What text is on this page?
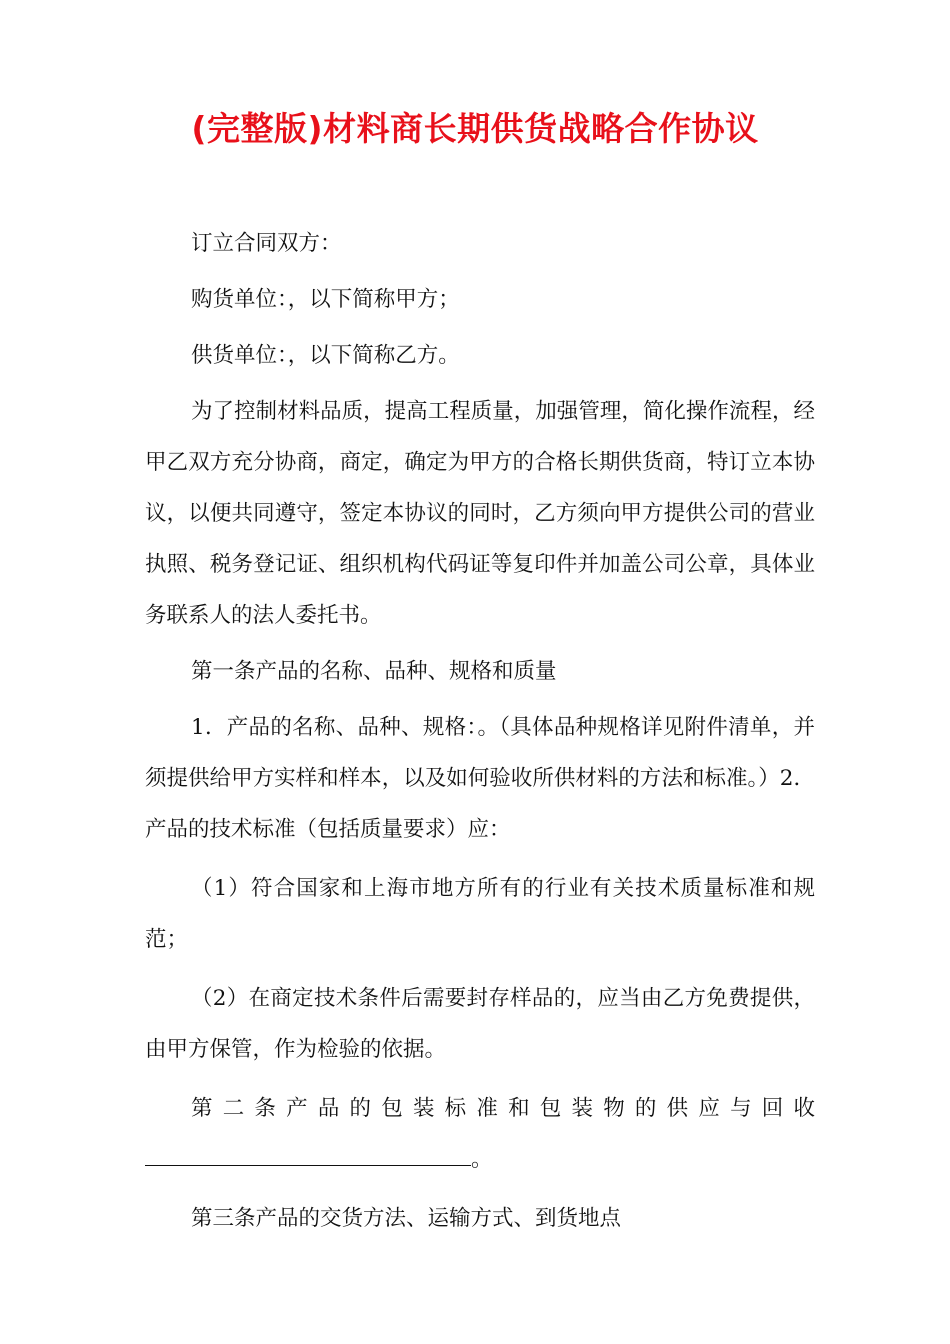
(完整版)材料商长期供货战略合作协议

订立合同双方：

购货单位：，以下简称甲方；

供货单位：，以下简称乙方。

为了控制材料品质，提高工程质量，加强管理，简化操作流程，经甲乙双方充分协商，商定，确定为甲方的合格长期供货商，特订立本协议，以便共同遵守，签定本协议的同时，乙方须向甲方提供公司的营业执照、税务登记证、组织机构代码证等复印件并加盖公司公章，具体业务联系人的法人委托书。

第一条产品的名称、品种、规格和质量

1．产品的名称、品种、规格：。（具体品种规格详见附件清单，并须提供给甲方实样和样本，以及如何验收所供材料的方法和标准。）2．产品的技术标准（包括质量要求）应：

（1）符合国家和上海市地方所有的行业有关技术质量标准和规范；

（2）在商定技术条件后需要封存样品的，应当由乙方免费提供，由甲方保管，作为检验的依据。

第二条产品的包装标准和包装物的供应与回收

。

第三条产品的交货方法、运输方式、到货地点
